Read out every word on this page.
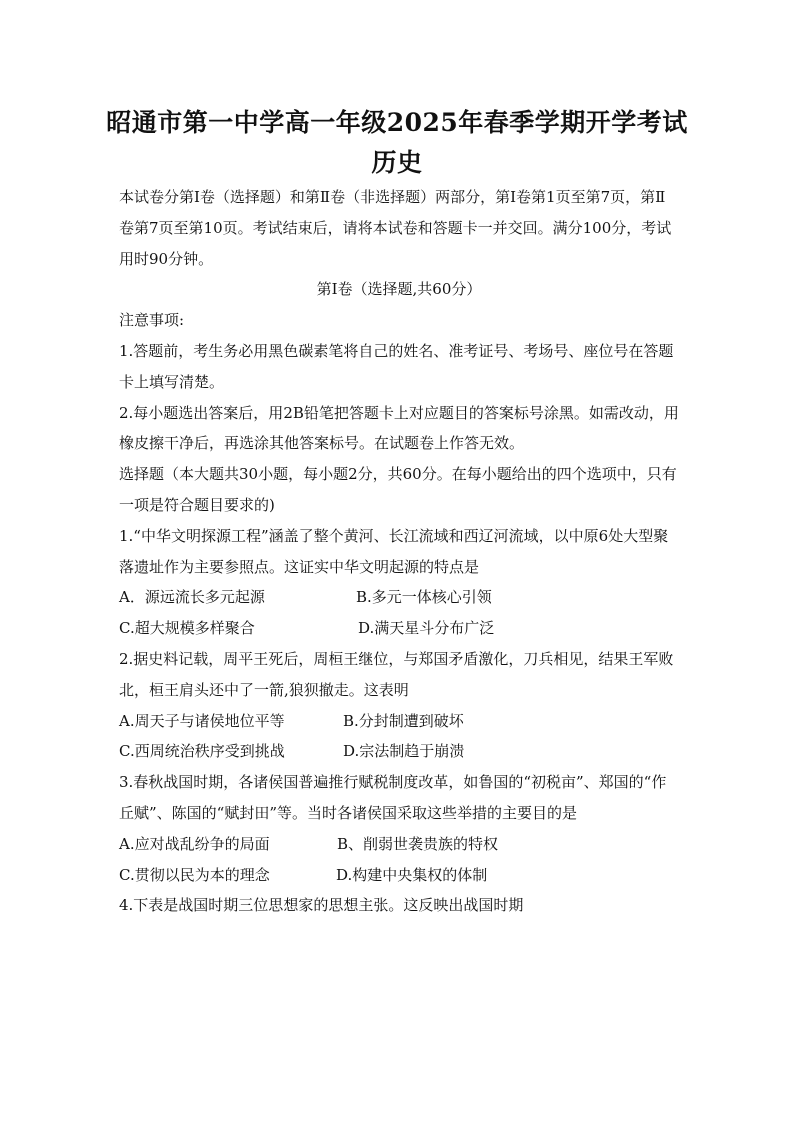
昭通市第一中学高一年级2025年春季学期开学考试
历史

本试卷分第Ⅰ卷（选择题）和第Ⅱ卷（非选择题）两部分，第Ⅰ卷第1页至第7页，第Ⅱ卷第7页至第10页。考试结束后，请将本试卷和答题卡一并交回。满分100分，考试用时90分钟。

第Ⅰ卷（选择题,共60分）

注意事项:

1.答题前，考生务必用黑色碳素笔将自己的姓名、准考证号、考场号、座位号在答题卡上填写清楚。

2.每小题选出答案后，用2B铅笔把答题卡上对应题目的答案标号涂黑。如需改动，用橡皮擦干净后，再选涂其他答案标号。在试题卷上作答无效。

选择题（本大题共30小题，每小题2分，共60分。在每小题给出的四个选项中，只有一项是符合题目要求的)

1.“中华文明探源工程”涵盖了整个黄河、长江流域和西辽河流域，以中原6处大型聚落遗址作为主要参照点。这证实中华文明起源的特点是

A．源远流长多元起源	B.多元一体核心引领
C.超大规模多样聚合	D.满天星斗分布广泛

2.据史料记载，周平王死后，周桓王继位，与郑国矛盾激化，刀兵相见，结果王军败北，桓王肩头还中了一箭,狼狈撤走。这表明

A.周天子与诸侯地位平等	B.分封制遭到破坏
C.西周统治秩序受到挑战	D.宗法制趋于崩溃

3.春秋战国时期，各诸侯国普遍推行赋税制度改革，如鲁国的“初税亩”、郑国的“作丘赋”、陈国的“赋封田”等。当时各诸侯国采取这些举措的主要目的是

A.应对战乱纷争的局面	B、削弱世袭贵族的特权
C.贯彻以民为本的理念	D.构建中央集权的体制

4.下表是战国时期三位思想家的思想主张。这反映出战国时期
